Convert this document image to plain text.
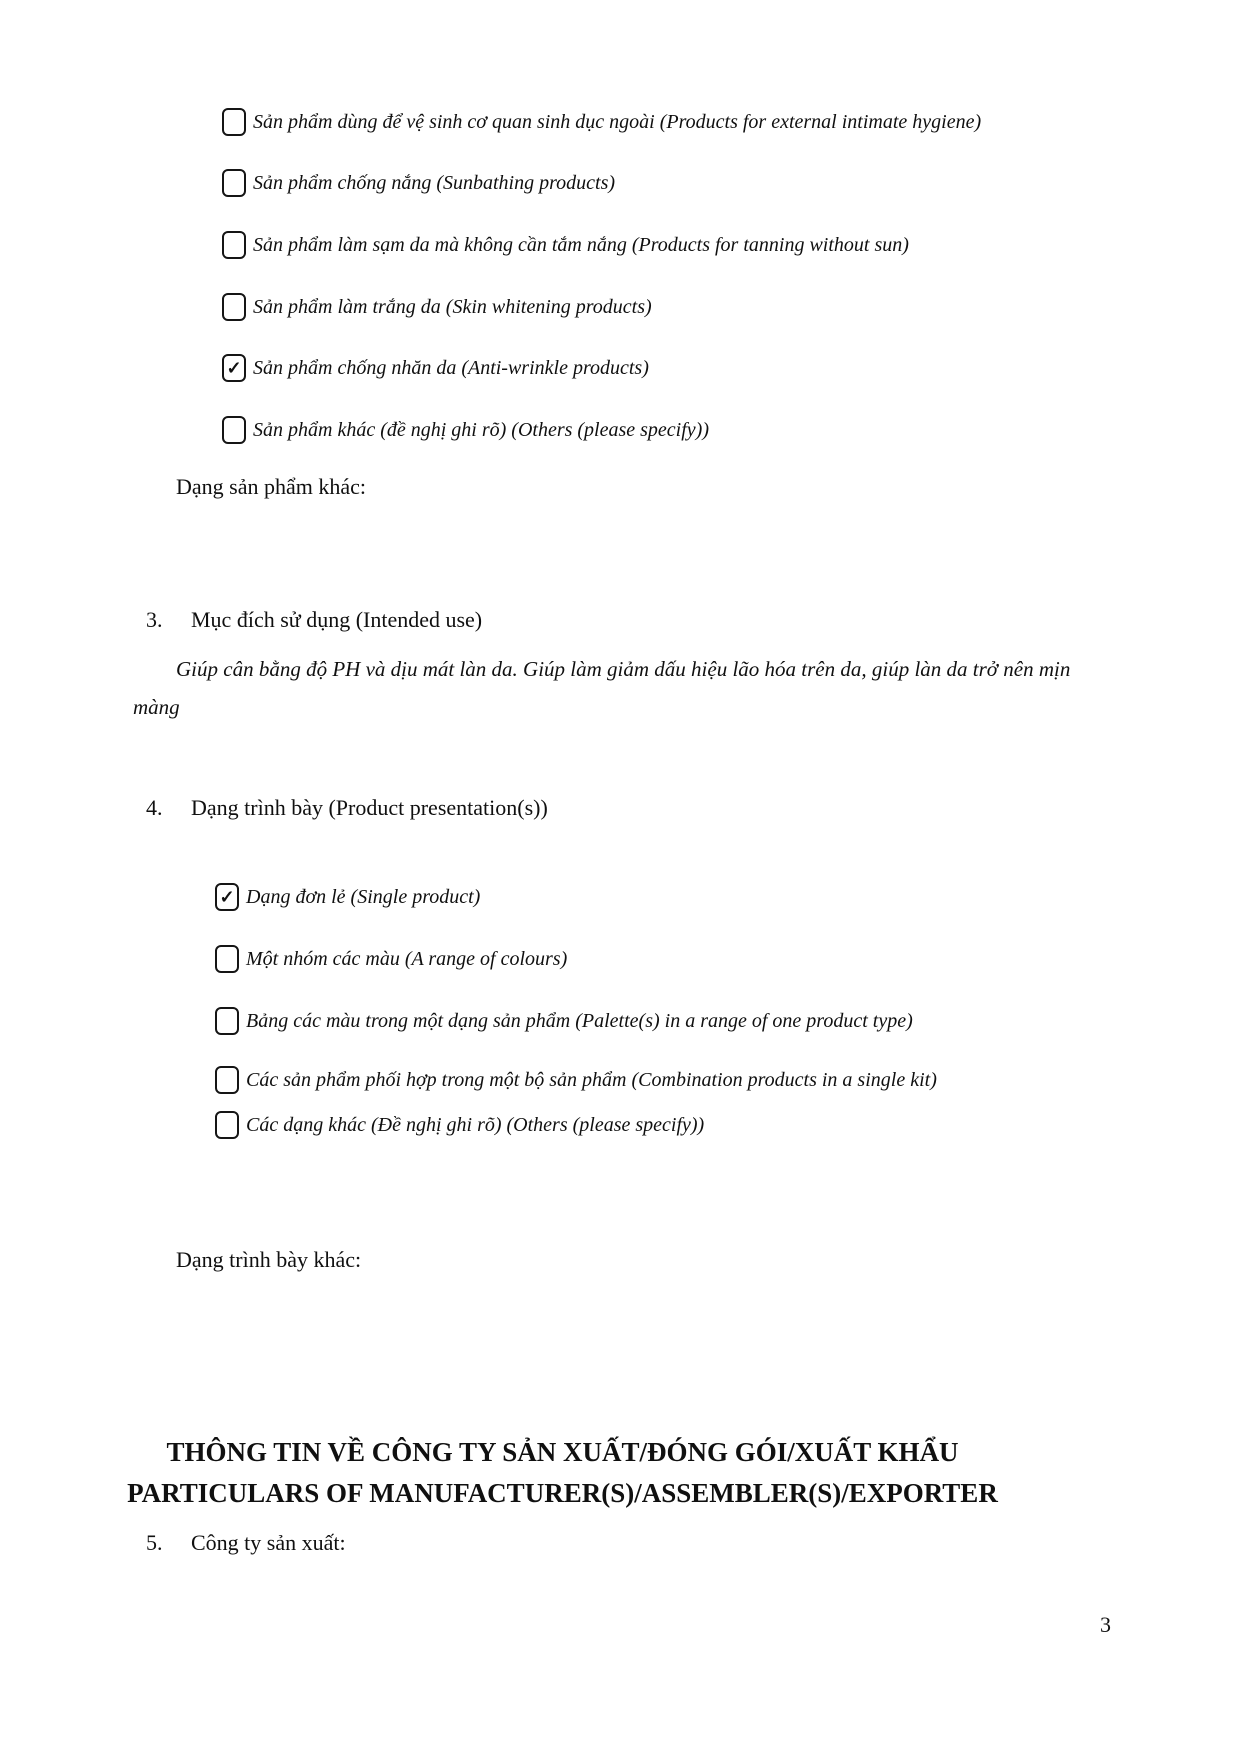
Sản phẩm dùng để vệ sinh cơ quan sinh dục ngoài (Products for external intimate hygiene)
Sản phẩm chống nắng (Sunbathing products)
Sản phẩm làm sạm da mà không cần tắm nắng (Products for tanning without sun)
Sản phẩm làm trắng da (Skin whitening products)
✓ Sản phẩm chống nhăn da (Anti-wrinkle products)
Sản phẩm khác (đề nghị ghi rõ) (Others (please specify))
Dạng sản phẩm khác:
3. Mục đích sử dụng (Intended use)
Giúp cân bằng độ PH và dịu mát làn da. Giúp làm giảm dấu hiệu lão hóa trên da, giúp làn da trở nên mịn màng
4. Dạng trình bày (Product presentation(s))
✓ Dạng đơn lẻ (Single product)
Một nhóm các màu (A range of colours)
Bảng các màu trong một dạng sản phẩm (Palette(s) in a range of one product type)
Các sản phẩm phối hợp trong một bộ sản phẩm (Combination products in a single kit)
Các dạng khác (Đề nghị ghi rõ) (Others (please specify))
Dạng trình bày khác:
THÔNG TIN VỀ CÔNG TY SẢN XUẤT/ĐÓNG GÓI/XUẤT KHẨU
PARTICULARS OF MANUFACTURER(S)/ASSEMBLER(S)/EXPORTER
5. Công ty sản xuất:
3
